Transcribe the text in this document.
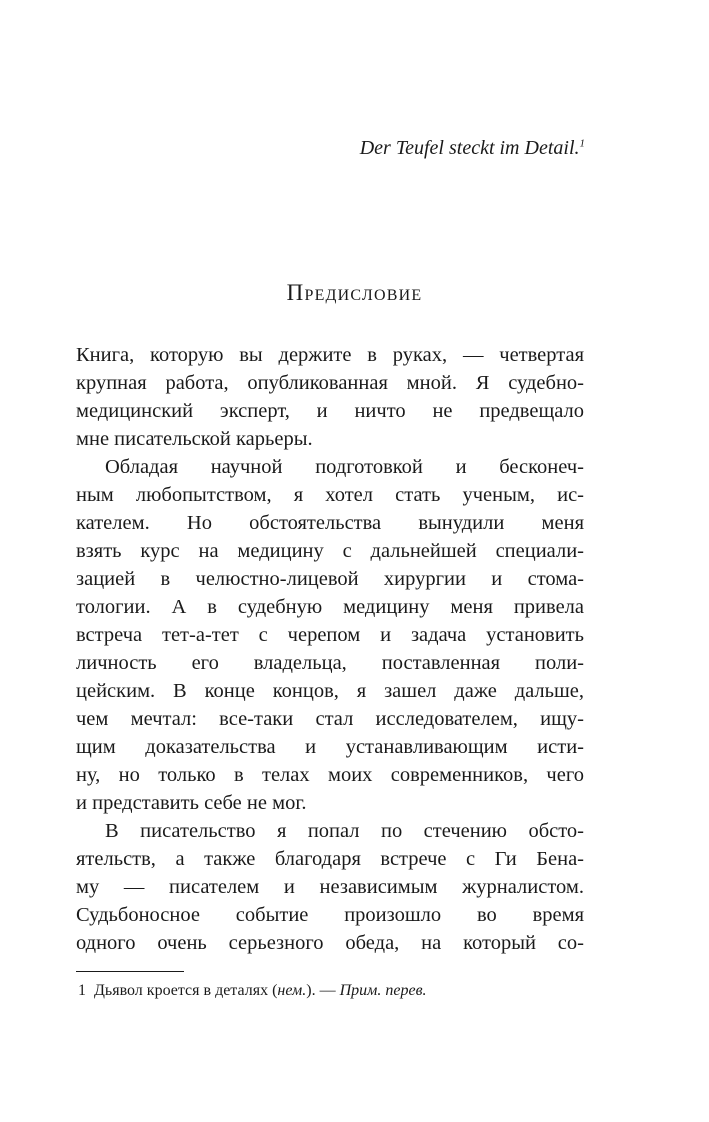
Der Teufel steckt im Detail.$^1$
Предисловие
Книга, которую вы держите в руках, — четвертая
крупная работа, опубликованная мной. Я судебно-
медицинский эксперт, и ничто не предвещало
мне писательской карьеры.
Обладая научной подготовкой и бесконеч-
ным любопытством, я хотел стать ученым, ис-
кателем. Но обстоятельства вынудили меня
взять курс на медицину с дальнейшей специали-
зацией в челюстно-лицевой хирургии и стома-
тологии. А в судебную медицину меня привела
встреча тет-а-тет с черепом и задача установить
личность его владельца, поставленная поли-
цейским. В конце концов, я зашел даже дальше,
чем мечтал: все-таки стал исследователем, ищу-
щим доказательства и устанавливающим исти-
ну, но только в телах моих современников, чего
и представить себе не мог.
В писательство я попал по стечению обсто-
ятельств, а также благодаря встрече с Ги Бена-
му — писателем и независимым журналистом.
Судьбоносное событие произошло во время
одного очень серьезного обеда, на который со-
1 Дьявол кроется в деталях (нем.). — Прим. перев.
